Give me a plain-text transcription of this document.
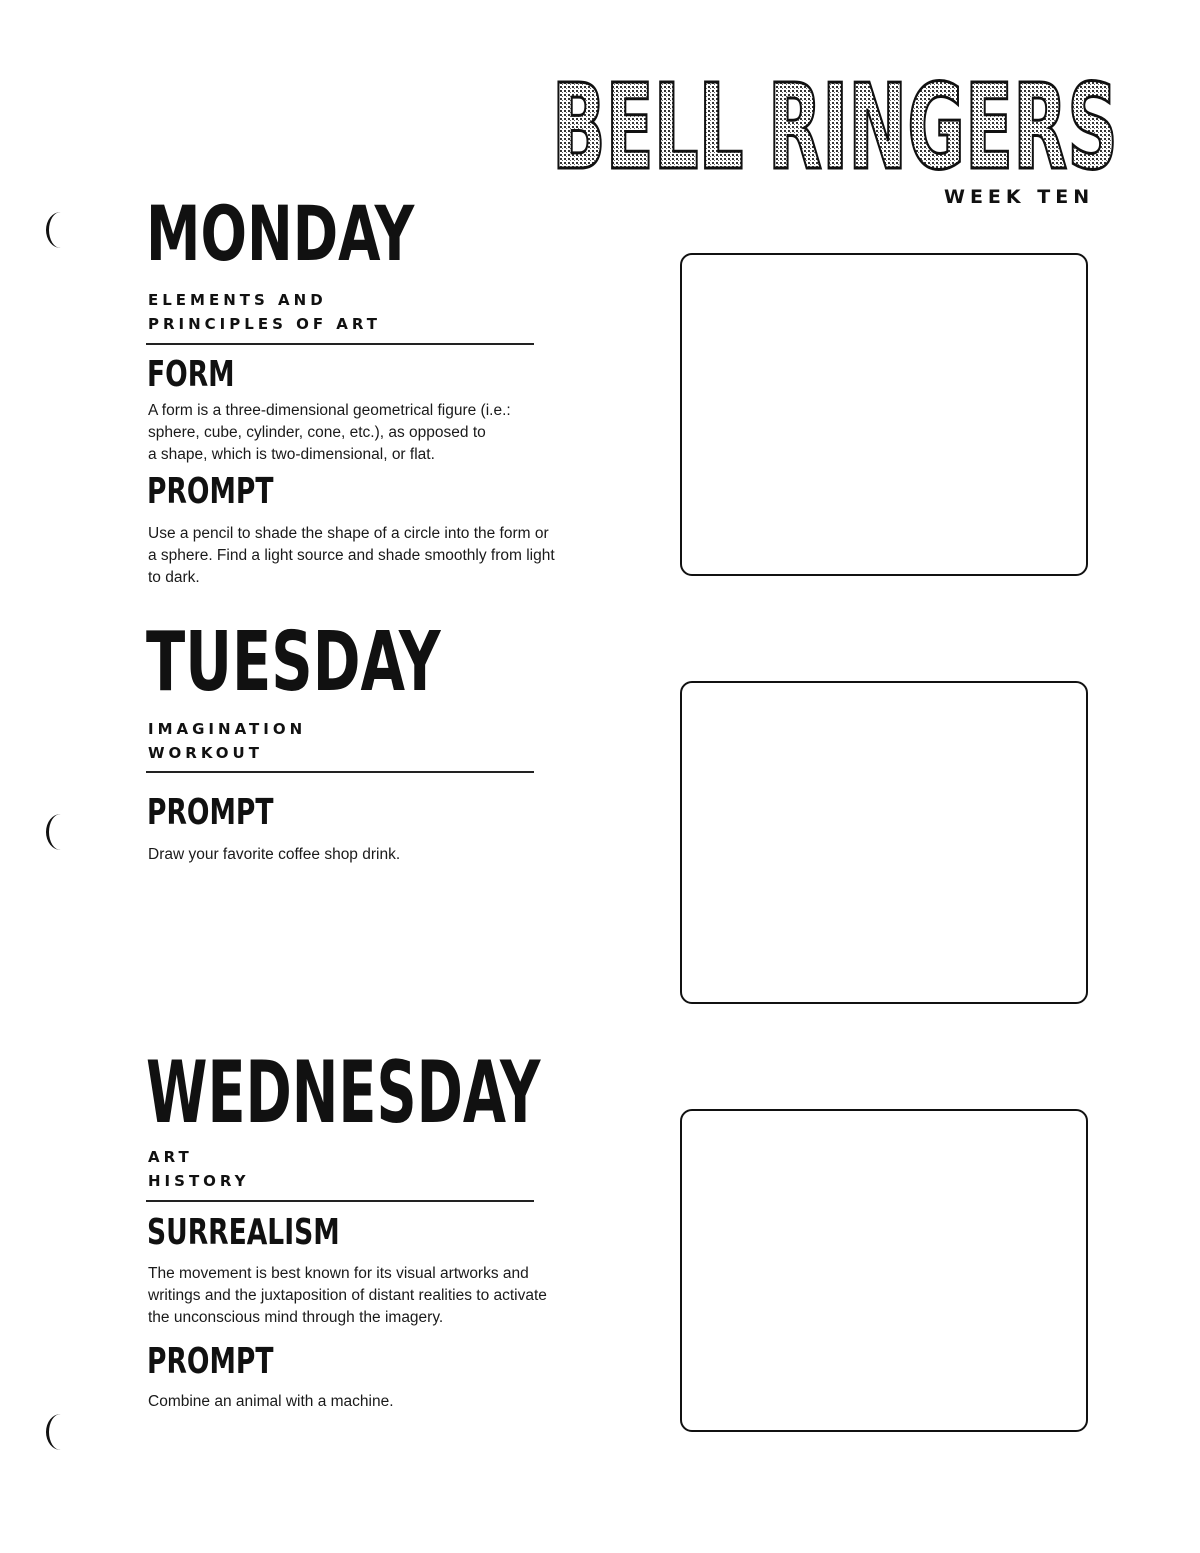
BELL RINGERS
WEEK TEN
MONDAY
ELEMENTS AND
PRINCIPLES OF ART
FORM
A form is a three-dimensional geometrical figure (i.e.:
sphere, cube, cylinder, cone, etc.), as opposed to
a shape, which is two-dimensional, or flat.
PROMPT
Use a pencil to shade the shape of a circle into the form or
a sphere. Find a light source and shade smoothly from light
to dark.
TUESDAY
IMAGINATION
WORKOUT
PROMPT
Draw your favorite coffee shop drink.
WEDNESDAY
ART
HISTORY
SURREALISM
The movement is best known for its visual artworks and
writings and the juxtaposition of distant realities to activate
the unconscious mind through the imagery.
PROMPT
Combine an animal with a machine.
